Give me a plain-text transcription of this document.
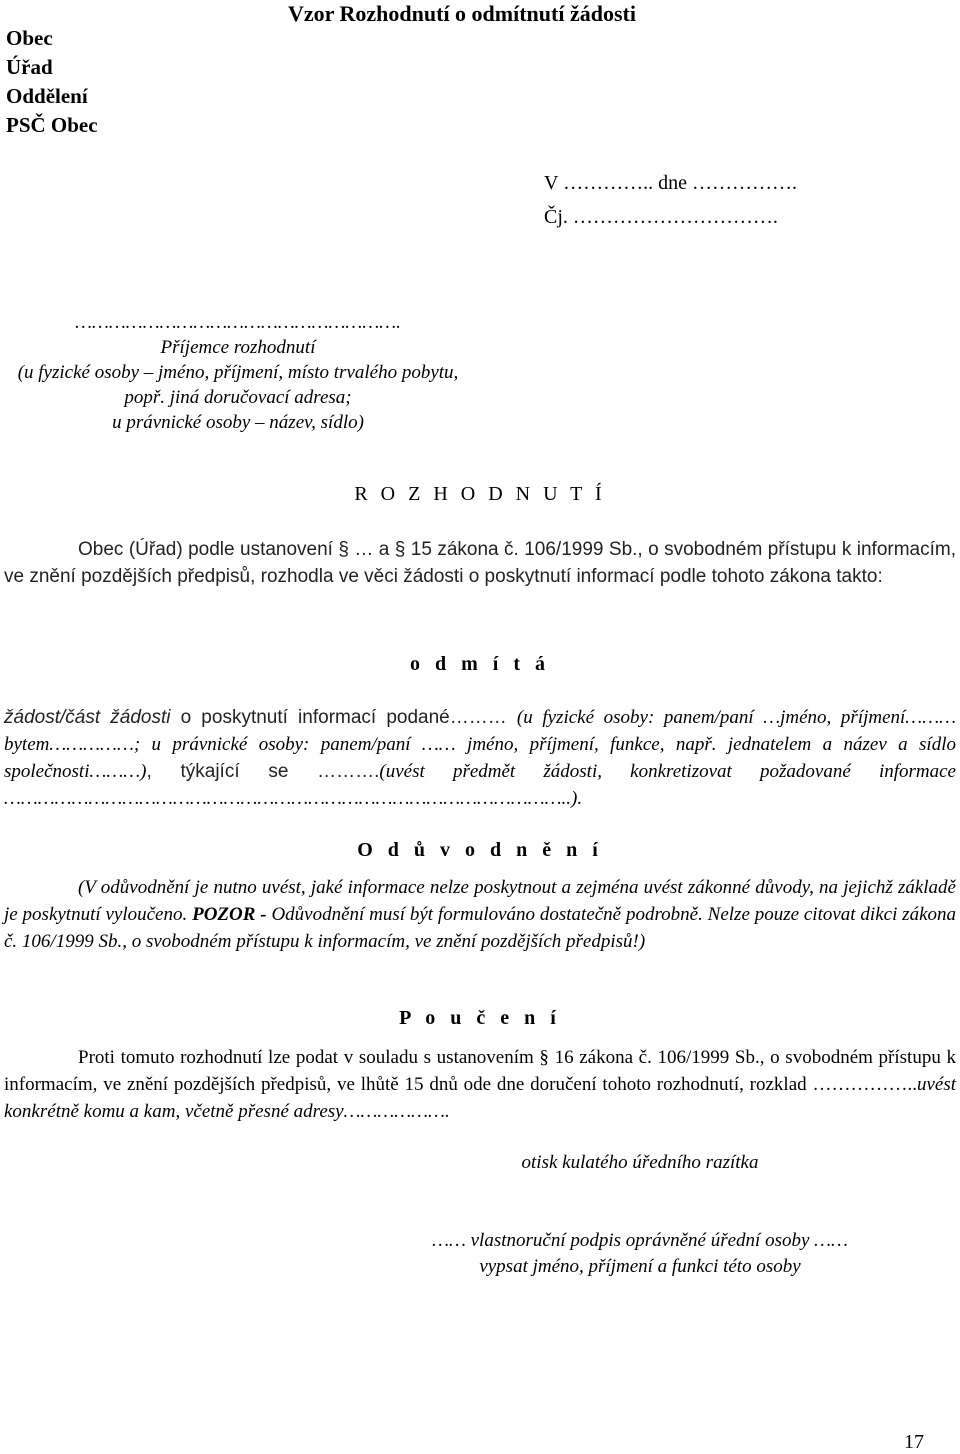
Vzor Rozhodnutí o odmítnutí žádosti
Obec
Úřad
Oddělení
PSČ Obec
V ………….. dne …………….
Čj. ………………………….
………………………………………………….
Příjemce rozhodnutí
(u fyzické osoby – jméno, příjmení, místo trvalého pobytu, popř. jiná doručovací adresa;
u právnické osoby – název, sídlo)
R O Z H O D N U T Í
Obec (Úřad) podle ustanovení § … a § 15 zákona č. 106/1999 Sb., o svobodném přístupu k informacím, ve znění pozdějších předpisů, rozhodla ve věci žádosti o poskytnutí informací podle tohoto zákona takto:
o d m í t á
žádost/část žádosti o poskytnutí informací podané……… (u fyzické osoby: panem/paní …jméno, příjmení……… bytem……………; u právnické osoby: panem/paní …… jméno, příjmení, funkce, např. jednatelem a název a sídlo společnosti………), týkající se ……….(uvést předmět žádosti, konkretizovat požadované informace ………………………………………………………………………………………..).
O d ů v o d n ě n í
(V odůvodnění je nutno uvést, jaké informace nelze poskytnout a zejména uvést zákonné důvody, na jejichž základě je poskytnutí vyloučeno. POZOR - Odůvodnění musí být formulováno dostatečně podrobně. Nelze pouze citovat dikci zákona č. 106/1999 Sb., o svobodném přístupu k informacím, ve znění pozdějších předpisů!)
P o u č e n í
Proti tomuto rozhodnutí lze podat v souladu s ustanovením § 16 zákona č. 106/1999 Sb., o svobodném přístupu k informacím, ve znění pozdějších předpisů, ve lhůtě 15 dnů ode dne doručení tohoto rozhodnutí, rozklad ……………..uvést konkrétně komu a kam, včetně přesné adresy……………….
otisk kulatého úředního razítka
…… vlastnoruční podpis oprávněné úřední osoby ……
vypsat jméno, příjmení a funkci této osoby
17
